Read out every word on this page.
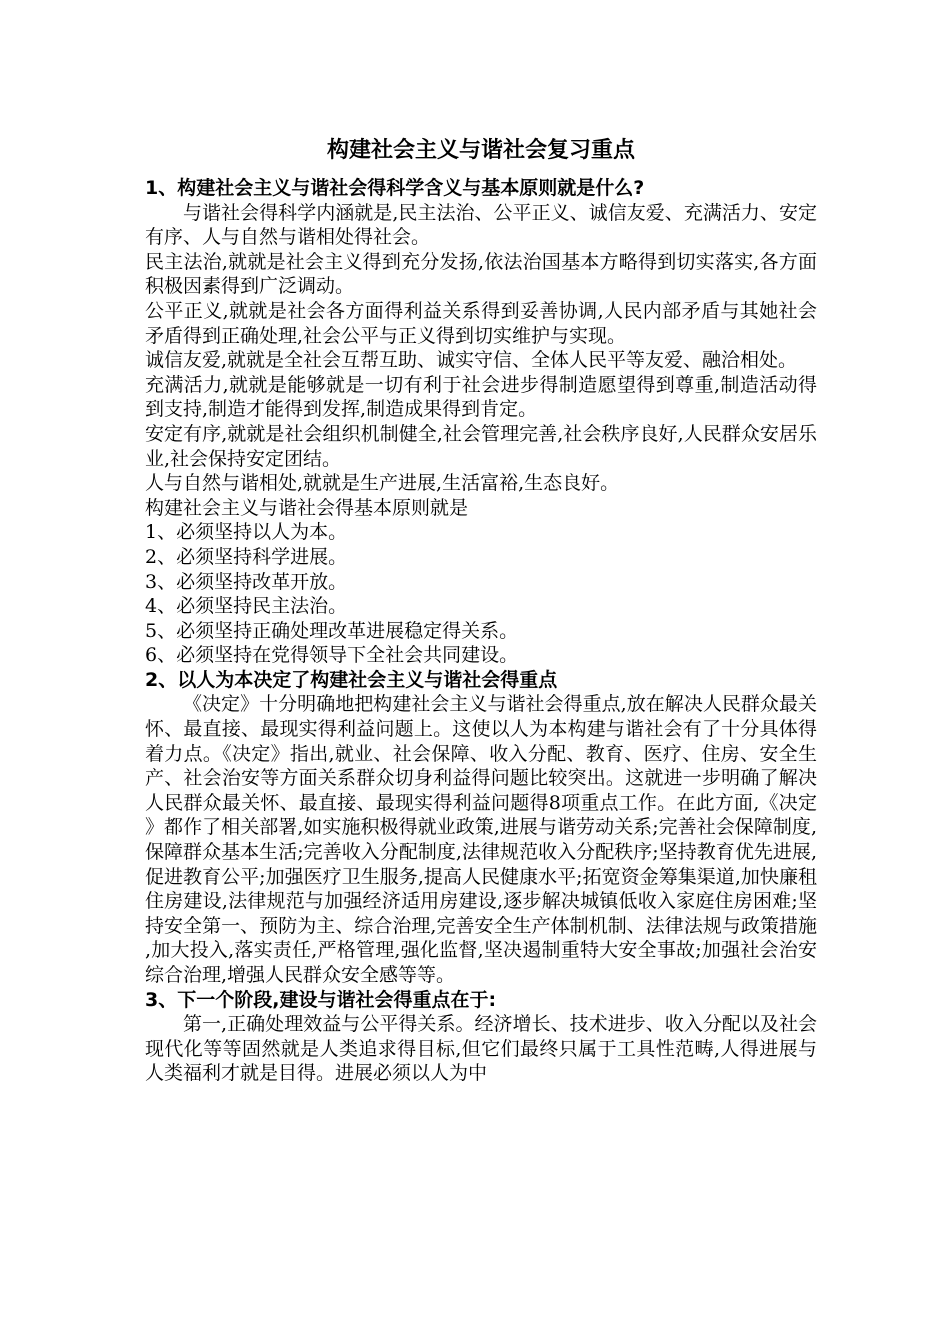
构建社会主义与谐社会复习重点

1、构建社会主义与谐社会得科学含义与基本原则就是什么?

与谐社会得科学内涵就是,民主法治、公平正义、诚信友爱、充满活力、安定有序、人与自然与谐相处得社会。

民主法治,就就是社会主义得到充分发扬,依法治国基本方略得到切实落实,各方面积极因素得到广泛调动。

公平正义,就就是社会各方面得利益关系得到妥善协调,人民内部矛盾与其她社会矛盾得到正确处理,社会公平与正义得到切实维护与实现。

诚信友爱,就就是全社会互帮互助、诚实守信、全体人民平等友爱、融洽相处。

充满活力,就就是能够就是一切有利于社会进步得制造愿望得到尊重,制造活动得到支持,制造才能得到发挥,制造成果得到肯定。

安定有序,就就是社会组织机制健全,社会管理完善,社会秩序良好,人民群众安居乐业,社会保持安定团结。

人与自然与谐相处,就就是生产进展,生活富裕,生态良好。

构建社会主义与谐社会得基本原则就是

1、必须坚持以人为本。

2、必须坚持科学进展。

3、必须坚持改革开放。

4、必须坚持民主法治。

5、必须坚持正确处理改革进展稳定得关系。

6、必须坚持在党得领导下全社会共同建设。

2、以人为本决定了构建社会主义与谐社会得重点

《决定》十分明确地把构建社会主义与谐社会得重点,放在解决人民群众最关怀、最直接、最现实得利益问题上。这使以人为本构建与谐社会有了十分具体得着力点。《决定》指出,就业、社会保障、收入分配、教育、医疗、住房、安全生产、社会治安等方面关系群众切身利益得问题比较突出。这就进一步明确了解决人民群众最关怀、最直接、最现实得利益问题得8项重点工作。在此方面,《决定》都作了相关部署,如实施积极得就业政策,进展与谐劳动关系;完善社会保障制度,保障群众基本生活;完善收入分配制度,法律规范收入分配秩序;坚持教育优先进展,促进教育公平;加强医疗卫生服务,提高人民健康水平;拓宽资金筹集渠道,加快廉租住房建设,法律规范与加强经济适用房建设,逐步解决城镇低收入家庭住房困难;坚持安全第一、预防为主、综合治理,完善安全生产体制机制、法律法规与政策措施,加大投入,落实责任,严格管理,强化监督,坚决遏制重特大安全事故;加强社会治安综合治理,增强人民群众安全感等等。

3、下一个阶段,建设与谐社会得重点在于:

第一,正确处理效益与公平得关系。经济增长、技术进步、收入分配以及社会现代化等等固然就是人类追求得目标,但它们最终只属于工具性范畴,人得进展与人类福利才就是目得。进展必须以人为中
